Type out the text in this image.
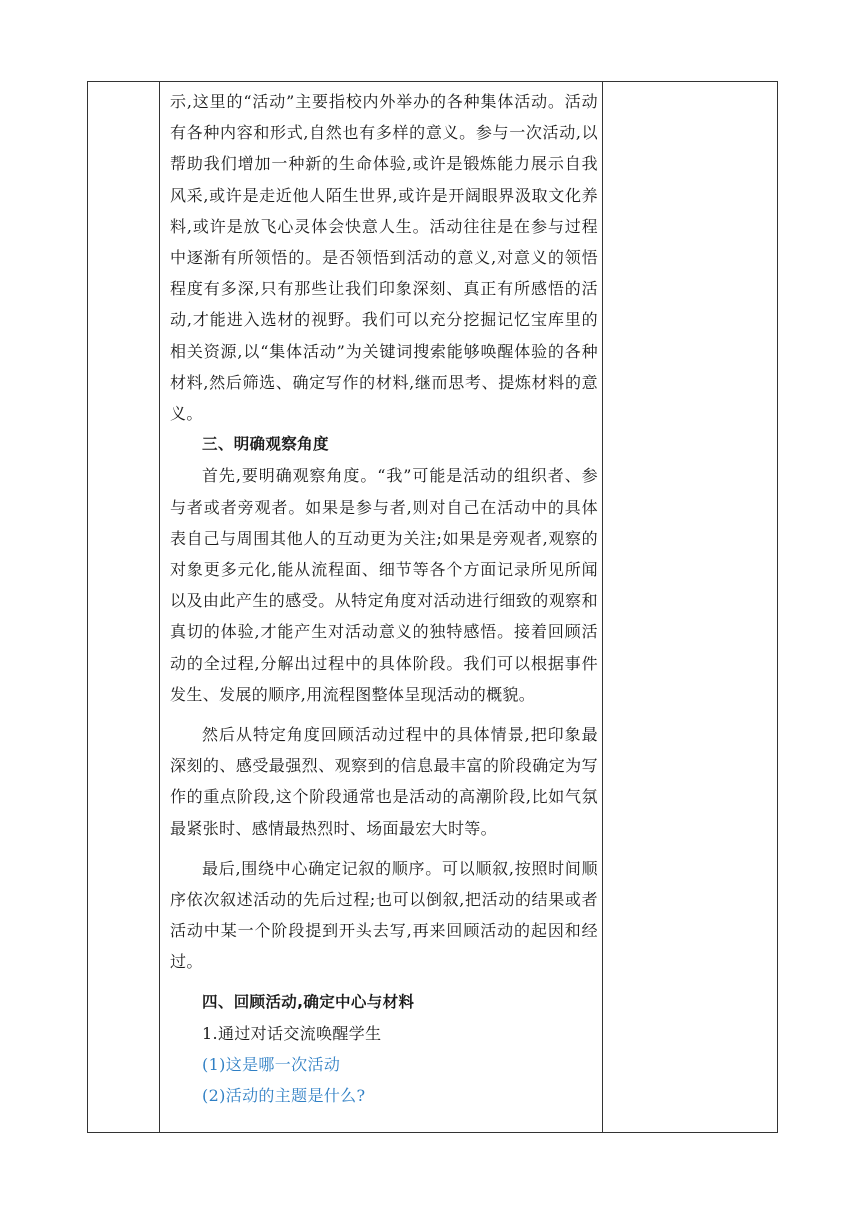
示,这里的“活动”主要指校内外举办的各种集体活动。活动有各种内容和形式,自然也有多样的意义。参与一次活动,以帮助我们增加一种新的生命体验,或许是锻炼能力展示自我风采,或许是走近他人陌生世界,或许是开阔眼界汲取文化养料,或许是放飞心灵体会快意人生。活动往往是在参与过程中逐渐有所领悟的。是否领悟到活动的意义,对意义的领悟程度有多深,只有那些让我们印象深刻、真正有所感悟的活动,才能进入选材的视野。我们可以充分挖掘记忆宝库里的相关资源,以“集体活动”为关键词搜索能够唤醒体验的各种材料,然后筛选、确定写作的材料,继而思考、提炼材料的意义。

三、明确观察角度

首先,要明确观察角度。“我”可能是活动的组织者、参与者或者旁观者。如果是参与者,则对自己在活动中的具体表自己与周围其他人的互动更为关注;如果是旁观者,观察的对象更多元化,能从流程面、细节等各个方面记录所见所闻以及由此产生的感受。从特定角度对活动进行细致的观察和真切的体验,才能产生对活动意义的独特感悟。接着回顾活动的全过程,分解出过程中的具体阶段。我们可以根据事件发生、发展的顺序,用流程图整体呈现活动的概貌。

然后从特定角度回顾活动过程中的具体情景,把印象最深刻的、感受最强烈、观察到的信息最丰富的阶段确定为写作的重点阶段,这个阶段通常也是活动的高潮阶段,比如气氛最紧张时、感情最热烈时、场面最宏大时等。

最后,围绕中心确定记叙的顺序。可以顺叙,按照时间顺序依次叙述活动的先后过程;也可以倒叙,把活动的结果或者活动中某一个阶段提到开头去写,再来回顾活动的起因和经过。

四、回顾活动,确定中心与材料

1.通过对话交流唤醒学生

(1)这是哪一次活动

(2)活动的主题是什么?
